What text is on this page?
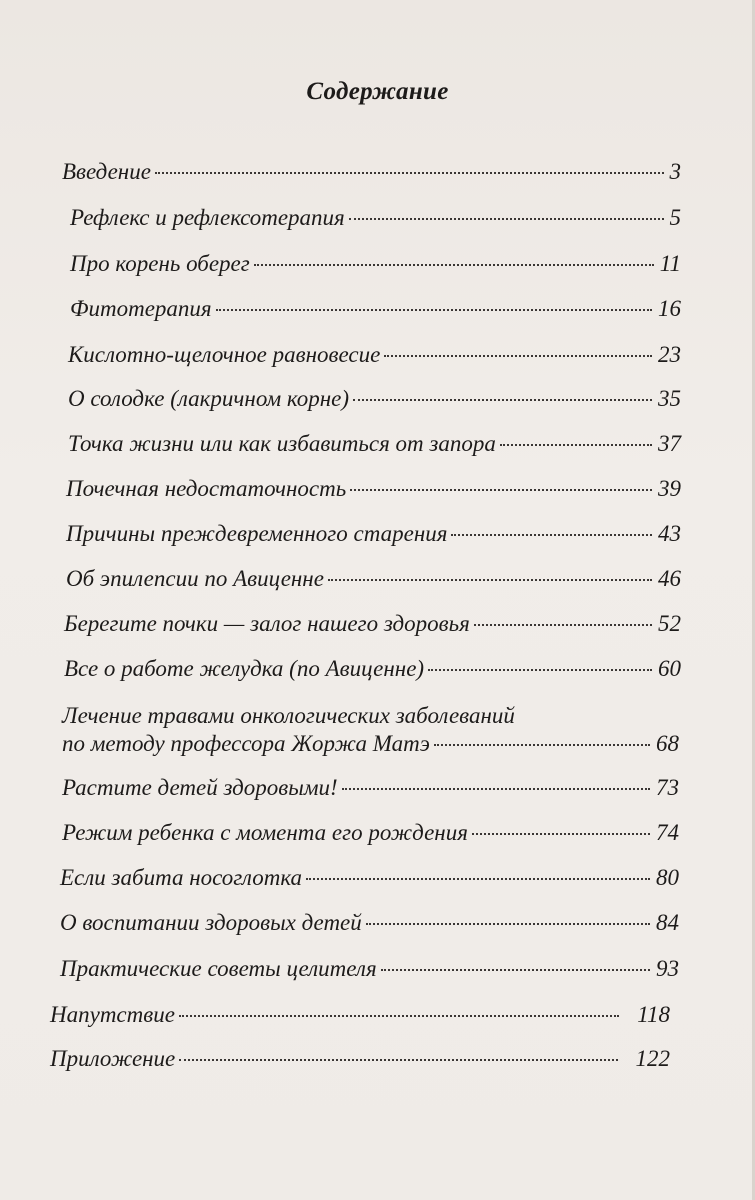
Содержание
Введение	3
Рефлекс и рефлексотерапия	5
Про корень оберег	11
Фитотерапия	16
Кислотно-щелочное равновесие	23
О солодке (лакричном корне)	35
Точка жизни или как избавиться от запора	37
Почечная недостаточность	39
Причины преждевременного старения	43
Об эпилепсии по Авиценне	46
Берегите почки — залог нашего здоровья	52
Все о работе желудка (по Авиценне)	60
Лечение травами онкологических заболеваний
по методу профессора Жоржа Матэ	68
Растите детей здоровыми!	73
Режим ребенка с момента его рождения	74
Если забита носоглотка	80
О воспитании здоровых детей	84
Практические советы целителя	93
Напутствие	118
Приложение	122
